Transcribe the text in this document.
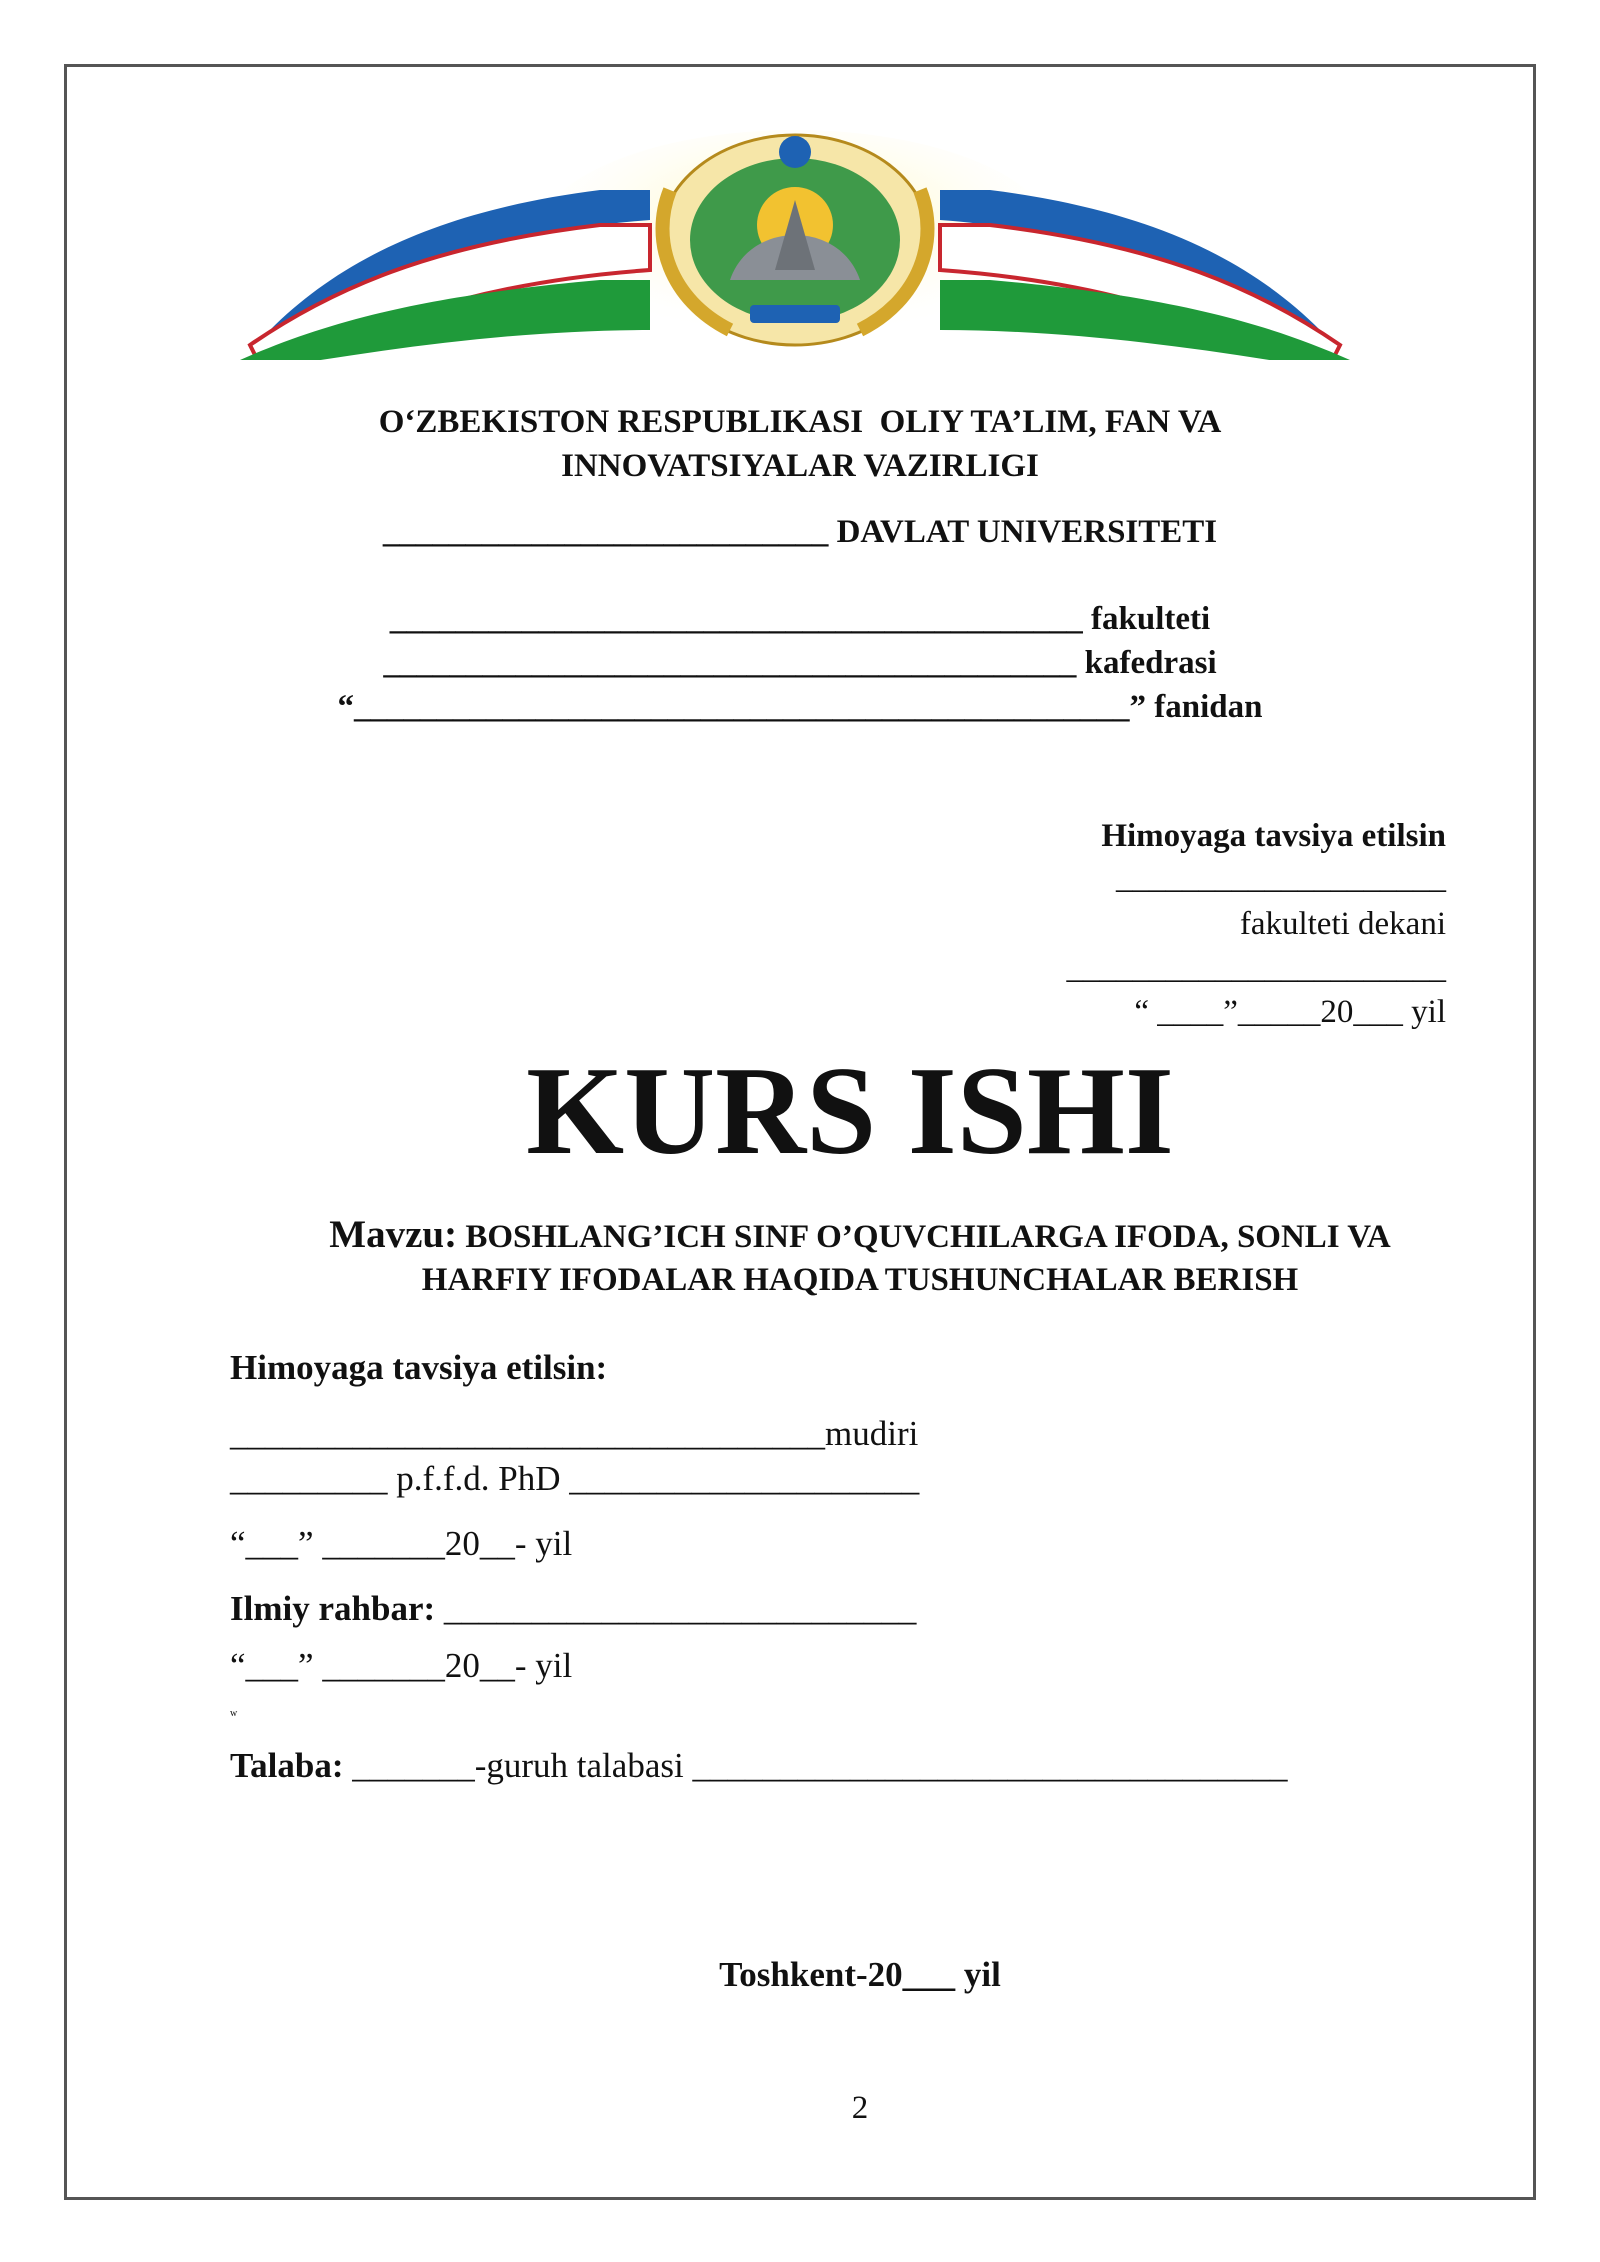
O‘ZBEKISTON RESPUBLIKASI  OLIY TA’LIM, FAN VA
INNOVATSIYALAR VAZIRLIGI
___________________________ DAVLAT UNIVERSITETI
__________________________________________ fakulteti
__________________________________________ kafedrasi
“_______________________________________________” fanidan
Himoyaga tavsiya etilsin
____________________
fakulteti dekani
_______________________
“ ____”_____20___ yil
KURS ISHI
Mavzu: BOSHLANG’ICH SINF O’QUVCHILARGA IFODA, SONLI VA
HARFIY IFODALAR HAQIDA TUSHUNCHALAR BERISH
Himoyaga tavsiya etilsin:
__________________________________mudiri
_________ p.f.f.d. PhD ____________________
“___” _______20__- yil
Ilmiy rahbar: ___________________________
“___” _______20__- yil
w
Talaba: _______-guruh talabasi __________________________________
Toshkent-20___ yil
2
